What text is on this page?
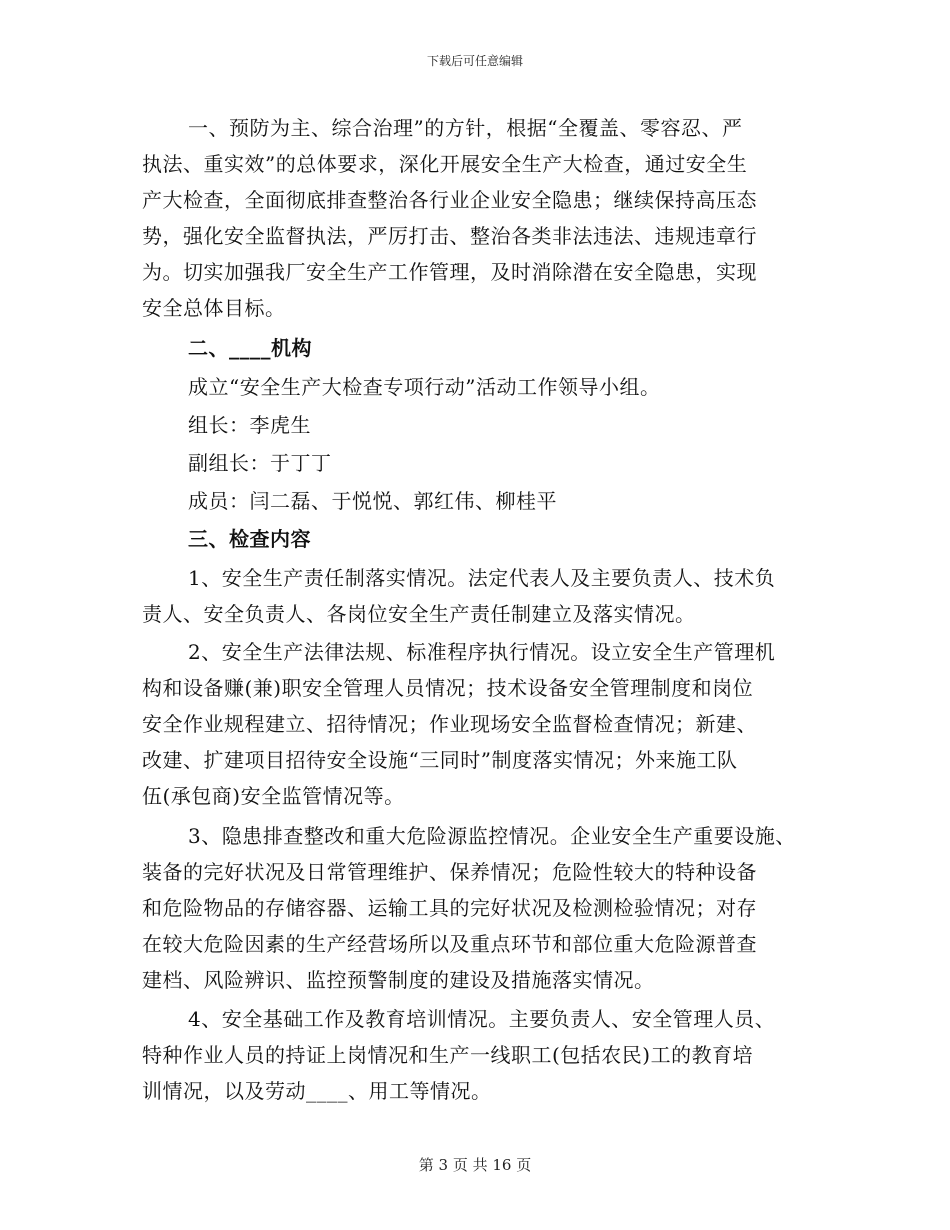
下载后可任意编辑
一、预防为主、综合治理”的方针，根据“全覆盖、零容忍、严
执法、重实效”的总体要求，深化开展安全生产大检查，通过安全生
产大检查，全面彻底排查整治各行业企业安全隐患；继续保持高压态
势，强化安全监督执法，严厉打击、整治各类非法违法、违规违章行
为。切实加强我厂安全生产工作管理，及时消除潜在安全隐患，实现
安全总体目标。
二、____机构
成立“安全生产大检查专项行动”活动工作领导小组。
组长：李虎生
副组长：于丁丁
成员：闫二磊、于悦悦、郭红伟、柳桂平
三、检查内容
1、安全生产责任制落实情况。法定代表人及主要负责人、技术负
责人、安全负责人、各岗位安全生产责任制建立及落实情况。
2、安全生产法律法规、标准程序执行情况。设立安全生产管理机
构和设备赚(兼)职安全管理人员情况；技术设备安全管理制度和岗位
安全作业规程建立、招待情况；作业现场安全监督检查情况；新建、
改建、扩建项目招待安全设施“三同时”制度落实情况；外来施工队
伍(承包商)安全监管情况等。
3、隐患排查整改和重大危险源监控情况。企业安全生产重要设施、
装备的完好状况及日常管理维护、保养情况；危险性较大的特种设备
和危险物品的存储容器、运输工具的完好状况及检测检验情况；对存
在较大危险因素的生产经营场所以及重点环节和部位重大危险源普查
建档、风险辨识、监控预警制度的建设及措施落实情况。
4、安全基础工作及教育培训情况。主要负责人、安全管理人员、
特种作业人员的持证上岗情况和生产一线职工(包括农民)工的教育培
训情况，以及劳动____、用工等情况。
第 3 页 共 16 页
